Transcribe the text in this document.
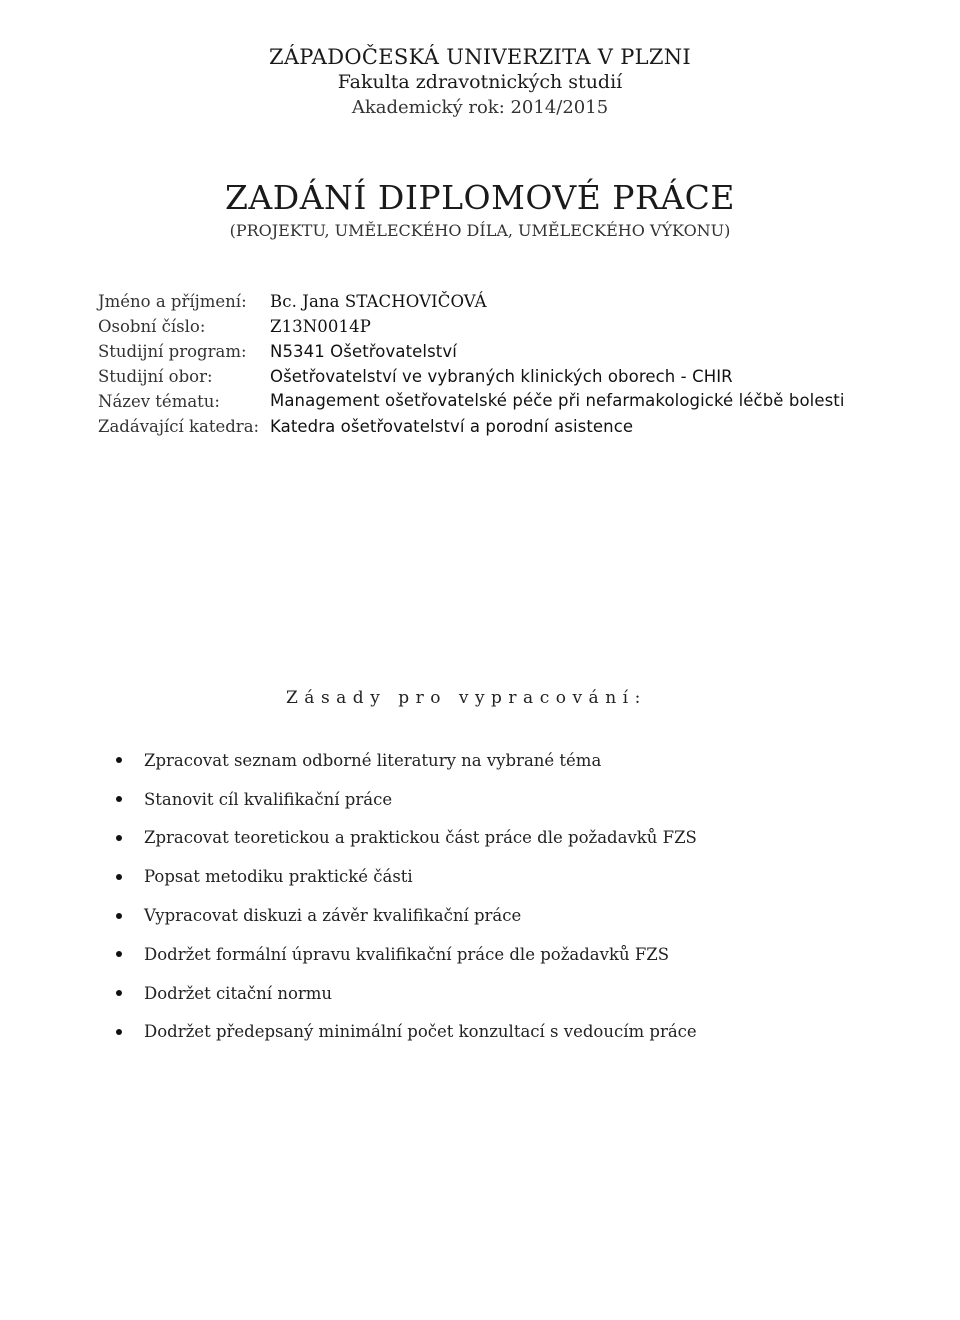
ZÁPADOČESKÁ UNIVERZITA V PLZNI
Fakulta zdravotnických studií
Akademický rok: 2014/2015
ZADÁNÍ DIPLOMOVÉ PRÁCE
(PROJEKTU, UMĚLECKÉHO DÍLA, UMĚLECKÉHO VÝKONU)
Jméno a příjmení:	Bc. Jana STACHOVIČOVÁ
Osobní číslo:	Z13N0014P
Studijní program:	N5341 Ošetřovatelství
Studijní obor:	Ošetřovatelství ve vybraných klinických oborech - CHIR
Název tématu:	Management ošetřovatelské péče při nefarmakologické léčbě bolesti
Zadávající katedra: Katedra ošetřovatelství a porodní asistence
Zásady pro vypracování:
Zpracovat seznam odborné literatury na vybrané téma
Stanovit cíl kvalifikační práce
Zpracovat teoretickou a praktickou část práce dle požadavků FZS
Popsat metodiku praktické části
Vypracovat diskuzi a závěr kvalifikační práce
Dodržet formální úpravu kvalifikační práce dle požadavků FZS
Dodržet citační normu
Dodržet předepsaný minimální počet konzultací s vedoucím práce
